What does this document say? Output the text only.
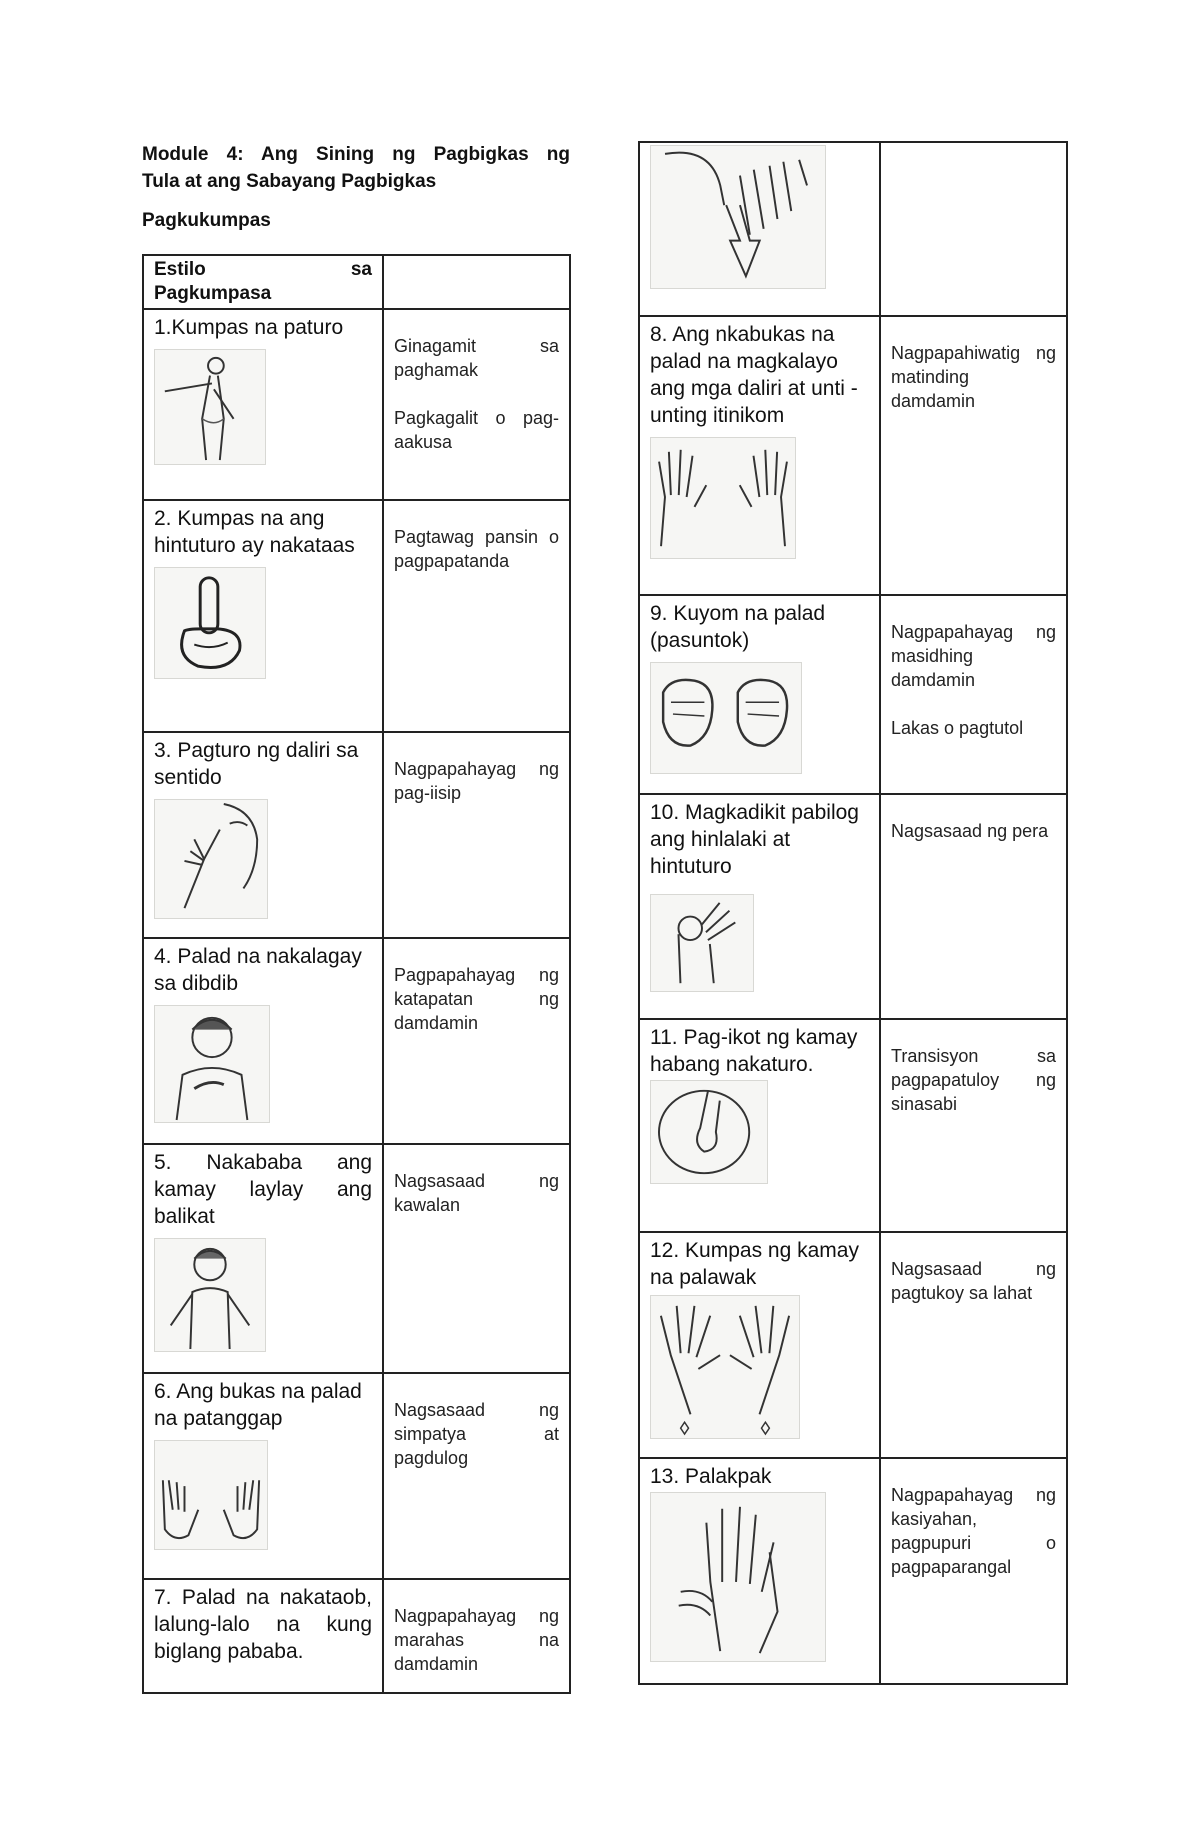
Module 4: Ang Sining ng Pagbigkas ng
Tula at ang Sabayang Pagbigkas
Pagkukumpas
Estilo sa
Pagkumpasa	

1.Kumpas na paturo	Ginagamit sa paghamak

Pagkagalit o pag-aakusa

2. Kumpas na ang hintuturo ay nakataas	Pagtawag pansin o pagpapatanda

3. Pagturo ng daliri sa sentido	Nagpapahayag ng pag-iisip

4. Palad na nakalagay sa dibdib	Pagpapahayag ng katapatan ng damdamin

5. Nakababa ang kamay laylay ang balikat	Nagsasaad ng kawalan

6. Ang bukas na palad na patanggap	Nagsasaad ng simpatya at pagdulog

7. Palad na nakataob, lalung-lalo na kung biglang pababa.	Nagpapahayag ng marahas na damdamin

8. Ang nkabukas na palad na magkalayo ang mga daliri at unti -unting itinikom	Nagpapahiwatig ng matinding damdamin

9. Kuyom na palad (pasuntok)	Nagpapahayag ng masidhing damdamin

Lakas o pagtutol

10. Magkadikit pabilog ang hinlalaki at hintuturo	Nagsasaad ng pera

11. Pag-ikot ng kamay habang nakaturo.	Transisyon sa pagpapatuloy ng sinasabi

12. Kumpas ng kamay na palawak	Nagsasaad ng pagtukoy sa lahat

13. Palakpak	Nagpapahayag ng kasiyahan, pagpupuri o pagpaparangal
